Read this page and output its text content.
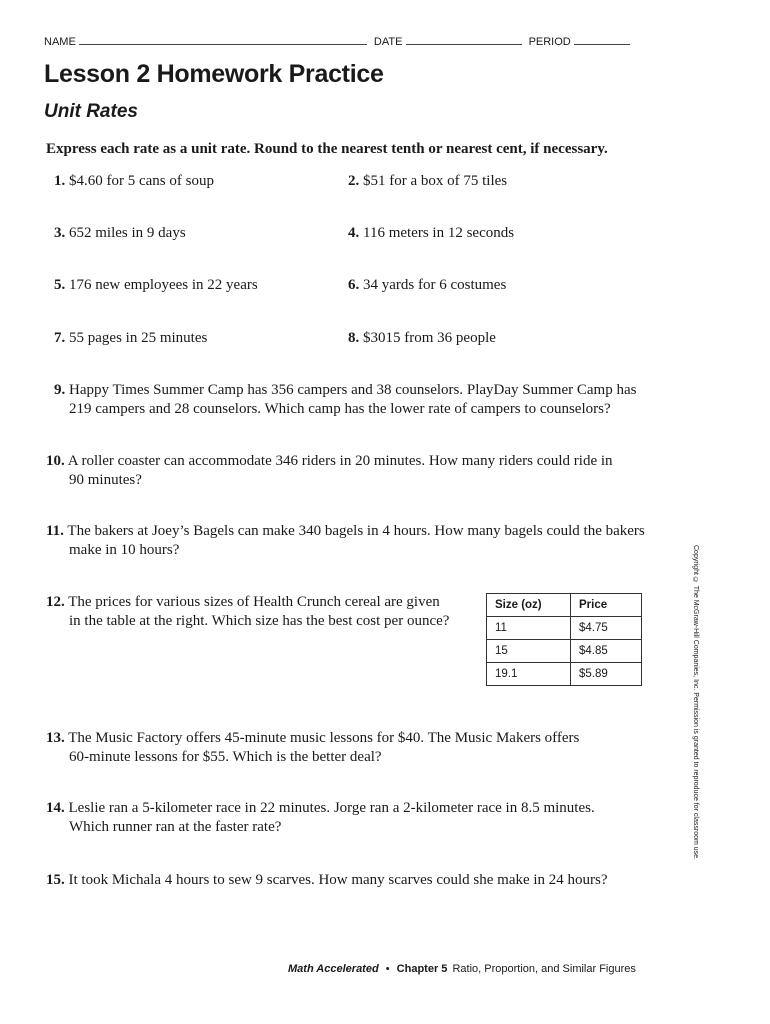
NAME	DATE	PERIOD
Lesson 2 Homework Practice
Unit Rates
Express each rate as a unit rate. Round to the nearest tenth or nearest cent, if necessary.
1. $4.60 for 5 cans of soup	2. $51 for a box of 75 tiles
3. 652 miles in 9 days	4. 116 meters in 12 seconds
5. 176 new employees in 22 years	6. 34 yards for 6 costumes
7. 55 pages in 25 minutes	8. $3015 from 36 people
9. Happy Times Summer Camp has 356 campers and 38 counselors. PlayDay Summer Camp has
219 campers and 28 counselors. Which camp has the lower rate of campers to counselors?
10. A roller coaster can accommodate 346 riders in 20 minutes. How many riders could ride in
90 minutes?
11. The bakers at Joey’s Bagels can make 340 bagels in 4 hours. How many bagels could the bakers
make in 10 hours?
12. The prices for various sizes of Health Crunch cereal are given
in the table at the right. Which size has the best cost per ounce?
Size (oz)	Price
11	$4.75
15	$4.85
19.1	$5.89
13. The Music Factory offers 45-minute music lessons for $40. The Music Makers offers
60-minute lessons for $55. Which is the better deal?
14. Leslie ran a 5-kilometer race in 22 minutes. Jorge ran a 2-kilometer race in 8.5 minutes.
Which runner ran at the faster rate?
15. It took Michala 4 hours to sew 9 scarves. How many scarves could she make in 24 hours?
Copyright © The McGraw-Hill Companies, Inc. Permission is granted to reproduce for classroom use.
Math Accelerated • Chapter 5 Ratio, Proportion, and Similar Figures
